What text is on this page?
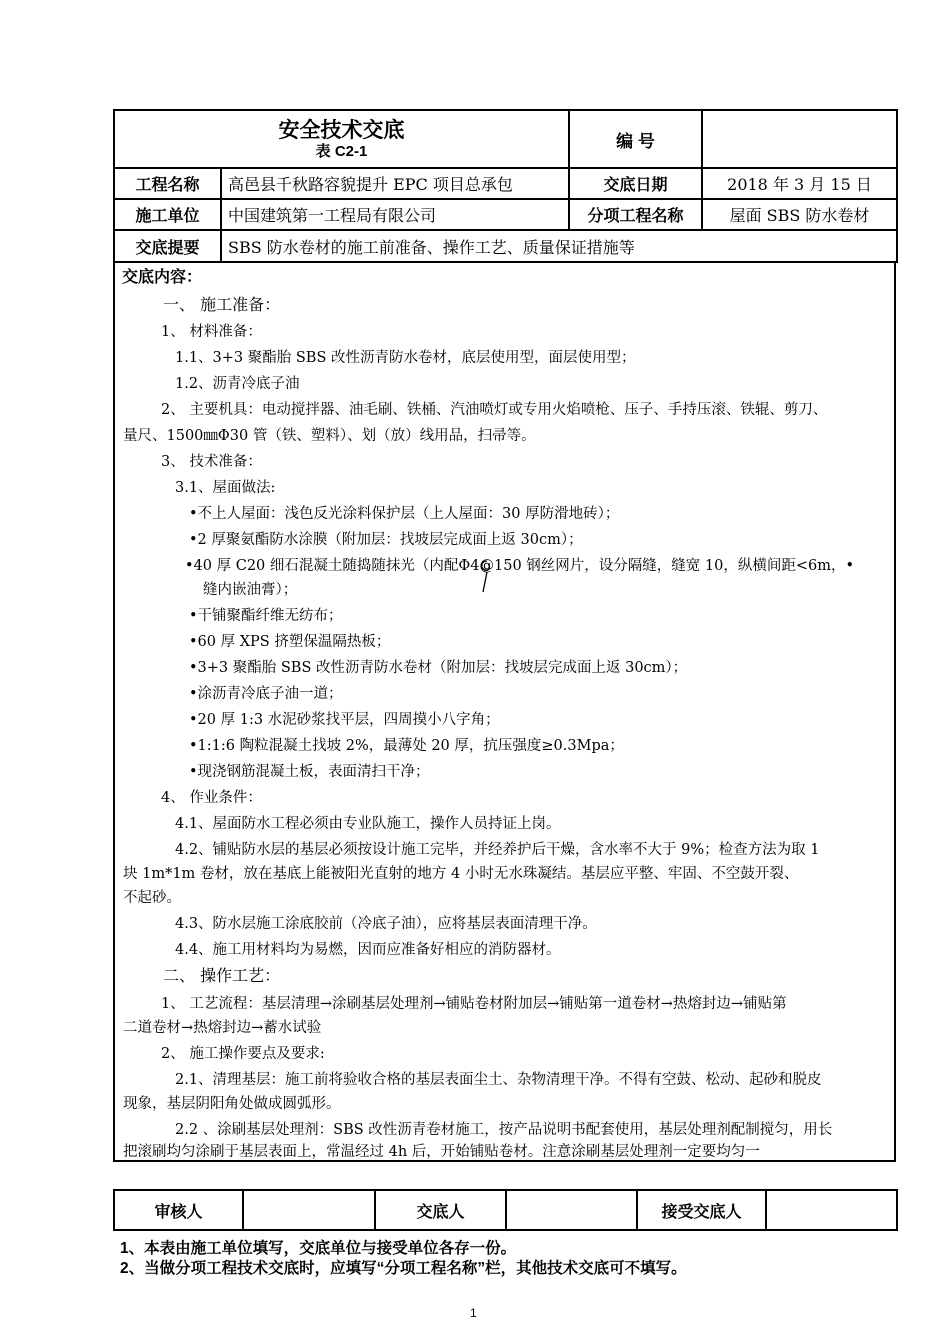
安全技术交底
表 C2-1		编 号	
工程名称	高邑县千秋路容貌提升 EPC 项目总承包	交底日期	2018 年 3 月 15 日
施工单位	中国建筑第一工程局有限公司	分项工程名称	屋面 SBS 防水卷材
交底提要	SBS 防水卷材的施工前准备、操作工艺、质量保证措施等		
交底内容：
一、 施工准备：
1、 材料准备：
1.1、3+3 聚酯胎 SBS 改性沥青防水卷材，底层使用型，面层使用型；
1.2、沥青冷底子油
2、 主要机具：电动搅拌器、油毛刷、铁桶、汽油喷灯或专用火焰喷枪、压子、手持压滚、铁辊、剪刀、
量尺、1500㎜Φ30 管（铁、塑料）、划（放）线用品，扫帚等。
3、 技术准备：
3.1、屋面做法:
•不上人屋面：浅色反光涂料保护层（上人屋面：30 厚防滑地砖）；
•2 厚聚氨酯防水涂膜（附加层：找坡层完成面上返 30cm）；
•40 厚 C20 细石混凝土随捣随抹光（内配Φ4@150 钢丝网片，设分隔缝，缝宽 10，纵横间距<6m，•
缝内嵌油膏）；
•干铺聚酯纤维无纺布；
•60 厚 XPS 挤塑保温隔热板；
•3+3 聚酯胎 SBS 改性沥青防水卷材（附加层：找坡层完成面上返 30cm）；
•涂沥青冷底子油一道；
•20 厚 1:3 水泥砂浆找平层，四周摸小八字角；
•1:1:6 陶粒混凝土找坡 2%，最薄处 20 厚，抗压强度≥0.3Mpa；
•现浇钢筋混凝土板，表面清扫干净；
4、 作业条件：
4.1、屋面防水工程必须由专业队施工，操作人员持证上岗。
4.2、铺贴防水层的基层必须按设计施工完毕，并经养护后干燥，含水率不大于 9%；检查方法为取 1
块 1m*1m 卷材，放在基底上能被阳光直射的地方 4 小时无水珠凝结。基层应平整、牢固、不空鼓开裂、
不起砂。
4.3、防水层施工涂底胶前（冷底子油），应将基层表面清理干净。
4.4、施工用材料均为易燃，因而应准备好相应的消防器材。
二、 操作工艺：
1、 工艺流程：基层清理→涂刷基层处理剂→铺贴卷材附加层→铺贴第一道卷材→热熔封边→铺贴第
二道卷材→热熔封边→蓄水试验
2、 施工操作要点及要求:
2.1、清理基层：施工前将验收合格的基层表面尘土、杂物清理干净。不得有空鼓、松动、起砂和脱皮
现象，基层阴阳角处做成圆弧形。
2.2 、涂刷基层处理剂：SBS 改性沥青卷材施工，按产品说明书配套使用，基层处理剂配制搅匀，用长
把滚刷均匀涂刷于基层表面上，常温经过 4h 后，开始铺贴卷材。注意涂刷基层处理剂一定要均匀一
审核人		交底人		接受交底人	
1、本表由施工单位填写，交底单位与接受单位各存一份。
2、当做分项工程技术交底时，应填写“分项工程名称”栏，其他技术交底可不填写。
1
